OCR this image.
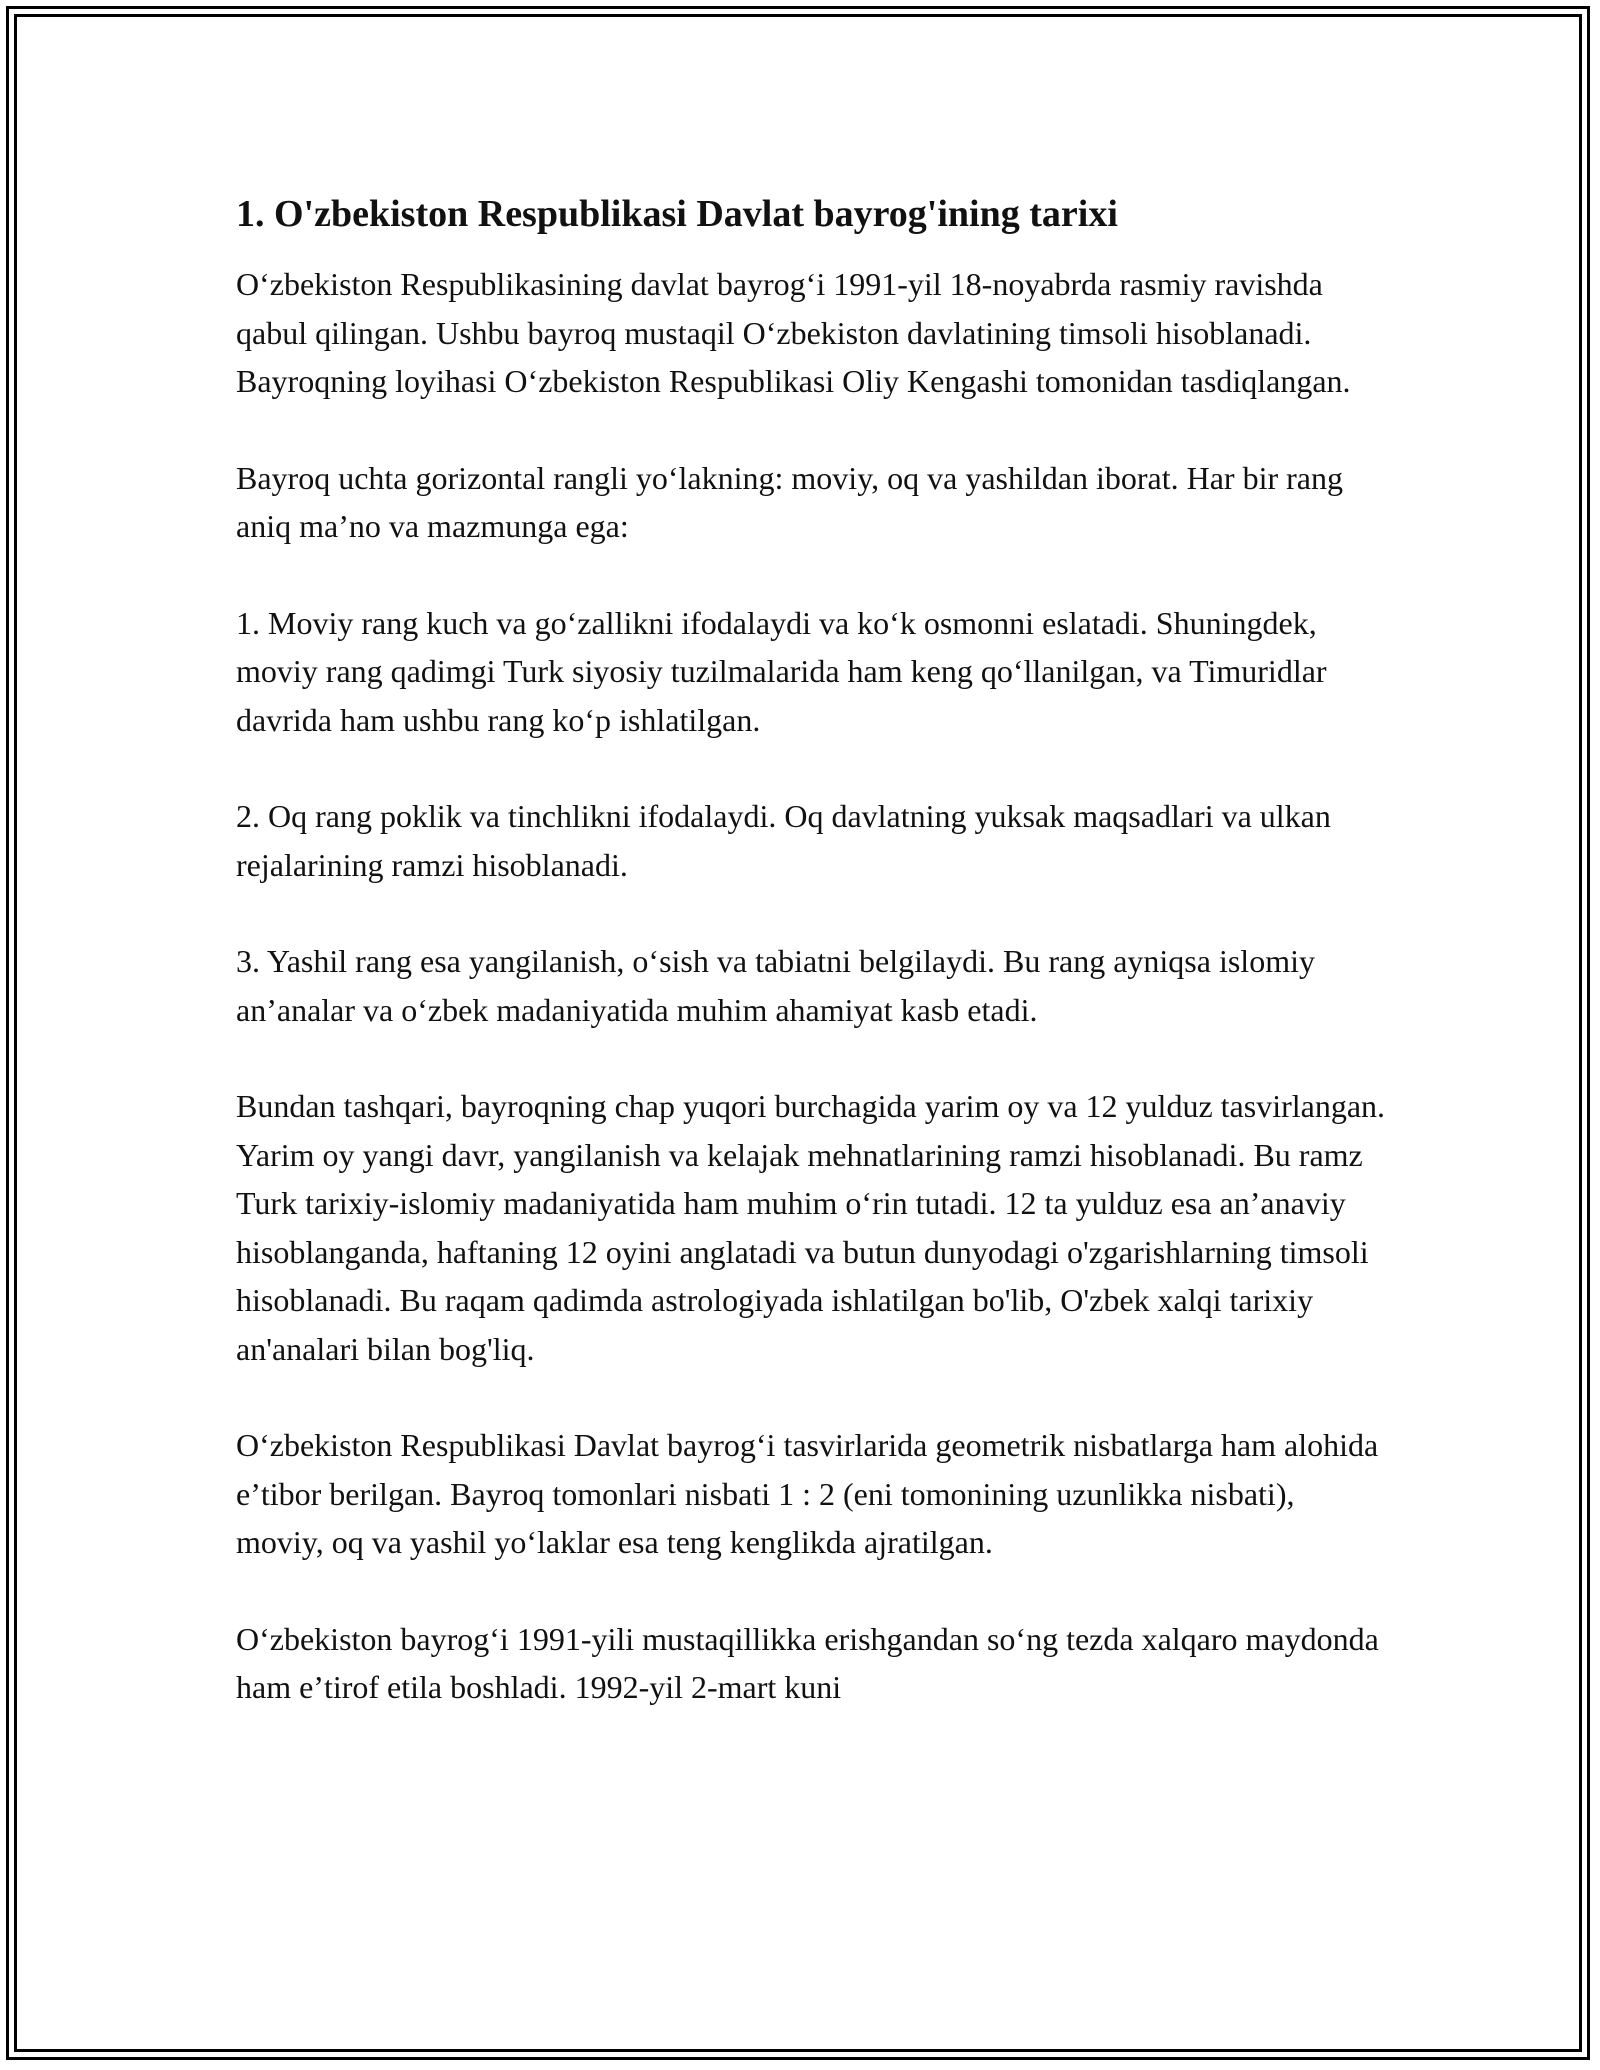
1. O'zbekiston Respublikasi Davlat bayrog'ining tarixi

Oʻzbekiston Respublikasining davlat bayrogʻi 1991-yil 18-noyabrda rasmiy ravishda qabul qilingan. Ushbu bayroq mustaqil Oʻzbekiston davlatining timsoli hisoblanadi. Bayroqning loyihasi Oʻzbekiston Respublikasi Oliy Kengashi tomonidan tasdiqlangan.

Bayroq uchta gorizontal rangli yoʻlakning: moviy, oq va yashildan iborat. Har bir rang aniq maʼno va mazmunga ega:

1. Moviy rang kuch va goʻzallikni ifodalaydi va koʻk osmonni eslatadi. Shuningdek, moviy rang qadimgi Turk siyosiy tuzilmalarida ham keng qoʻllanilgan, va Timuridlar davrida ham ushbu rang koʻp ishlatilgan.

2. Oq rang poklik va tinchlikni ifodalaydi. Oq davlatning yuksak maqsadlari va ulkan rejalarining ramzi hisoblanadi.

3. Yashil rang esa yangilanish, oʻsish va tabiatni belgilaydi. Bu rang ayniqsa islomiy anʼanalar va oʻzbek madaniyatida muhim ahamiyat kasb etadi.

Bundan tashqari, bayroqning chap yuqori burchagida yarim oy va 12 yulduz tasvirlangan. Yarim oy yangi davr, yangilanish va kelajak mehnatlarining ramzi hisoblanadi. Bu ramz Turk tarixiy-islomiy madaniyatida ham muhim oʻrin tutadi. 12 ta yulduz esa anʼanaviy hisoblanganda, haftaning 12 oyini anglatadi va butun dunyodagi o'zgarishlarning timsoli hisoblanadi. Bu raqam qadimda astrologiyada ishlatilgan bo'lib, O'zbek xalqi tarixiy an'analari bilan bog'liq.

Oʻzbekiston Respublikasi Davlat bayrogʻi tasvirlarida geometrik nisbatlarga ham alohida eʼtibor berilgan. Bayroq tomonlari nisbati 1 : 2 (eni tomonining uzunlikka nisbati), moviy, oq va yashil yoʻlaklar esa teng kenglikda ajratilgan.

Oʻzbekiston bayrogʻi 1991-yili mustaqillikka erishgandan soʻng tezda xalqaro maydonda ham eʼtirof etila boshladi. 1992-yil 2-mart kuni
